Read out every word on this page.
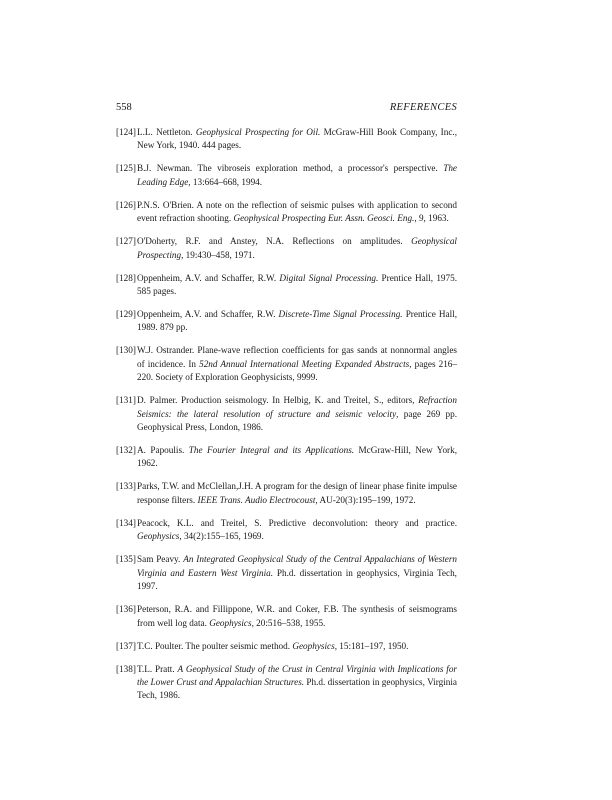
558	REFERENCES
[124] L.L. Nettleton. Geophysical Prospecting for Oil. McGraw-Hill Book Company, Inc., New York, 1940. 444 pages.
[125] B.J. Newman. The vibroseis exploration method, a processor's perspective. The Leading Edge, 13:664–668, 1994.
[126] P.N.S. O'Brien. A note on the reflection of seismic pulses with application to second event refraction shooting. Geophysical Prospecting Eur. Assn. Geosci. Eng., 9, 1963.
[127] O'Doherty, R.F. and Anstey, N.A. Reflections on amplitudes. Geophysical Prospecting, 19:430–458, 1971.
[128] Oppenheim, A.V. and Schaffer, R.W. Digital Signal Processing. Prentice Hall, 1975. 585 pages.
[129] Oppenheim, A.V. and Schaffer, R.W. Discrete-Time Signal Processing. Prentice Hall, 1989. 879 pp.
[130] W.J. Ostrander. Plane-wave reflection coefficients for gas sands at nonnormal angles of incidence. In 52nd Annual International Meeting Expanded Abstracts, pages 216–220. Society of Exploration Geophysicists, 9999.
[131] D. Palmer. Production seismology. In Helbig, K. and Treitel, S., editors, Refraction Seismics: the lateral resolution of structure and seismic velocity, page 269 pp. Geophysical Press, London, 1986.
[132] A. Papoulis. The Fourier Integral and its Applications. McGraw-Hill, New York, 1962.
[133] Parks, T.W. and McClellan,J.H. A program for the design of linear phase finite impulse response filters. IEEE Trans. Audio Electrocoust, AU-20(3):195–199, 1972.
[134] Peacock, K.L. and Treitel, S. Predictive deconvolution: theory and practice. Geophysics, 34(2):155–165, 1969.
[135] Sam Peavy. An Integrated Geophysical Study of the Central Appalachians of Western Virginia and Eastern West Virginia. Ph.d. dissertation in geophysics, Virginia Tech, 1997.
[136] Peterson, R.A. and Fillippone, W.R. and Coker, F.B. The synthesis of seismograms from well log data. Geophysics, 20:516–538, 1955.
[137] T.C. Poulter. The poulter seismic method. Geophysics, 15:181–197, 1950.
[138] T.L. Pratt. A Geophysical Study of the Crust in Central Virginia with Implications for the Lower Crust and Appalachian Structures. Ph.d. dissertation in geophysics, Virginia Tech, 1986.
